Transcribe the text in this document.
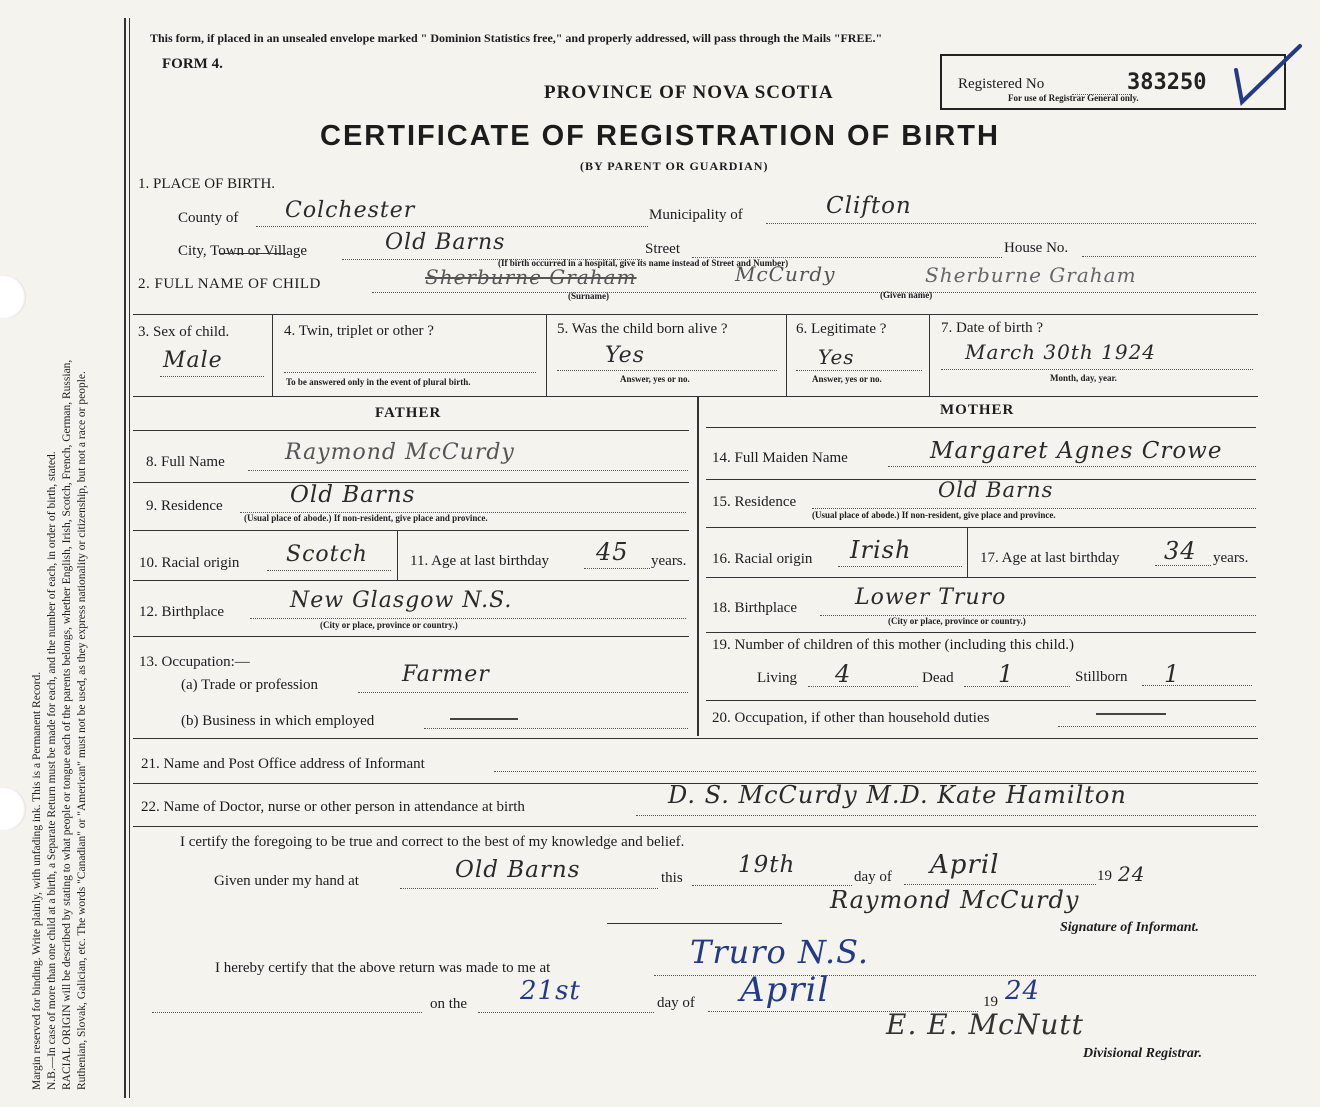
Margin reserved for binding. Write plainly, with unfading ink. This is a Permanent Record. N.B.—In case of more than one child at a birth, a Separate Return must be made for each, and the number of each, in order of birth, stated. RACIAL ORIGIN will be described by stating to what people or tongue each of the parents belongs, whether English, Irish, Scotch, French, German, Russian, Ruthenian, Slovak, Galician, etc. The words "Canadian" or "American" must not be used, as they express nationality or citizenship, but not a race or people.
This form, if placed in an unsealed envelope marked " Dominion Statistics free," and properly addressed, will pass through the Mails "FREE."
FORM 4.
PROVINCE OF NOVA SCOTIA
CERTIFICATE OF REGISTRATION OF BIRTH
(BY PARENT OR GUARDIAN)
Registered No	383250
For use of Registrar General only.
1. PLACE OF BIRTH.
County of Colchester	Municipality of	Clifton
City, Town or Village	Old Barns	Street	House No.
(If birth occurred in a hospital, give its name instead of Street and Number)
2. FULL NAME OF CHILD	Sherburne Graham	McCurdy	Sherburne Graham
(Surname)	(Given name)
3. Sex of child.
Male
4. Twin, triplet or other ?
To be answered only in the event of plural birth.
5. Was the child born alive ?
Yes
Answer, yes or no.
6. Legitimate ?
Yes
Answer, yes or no.
7. Date of birth ?
March 30th 1924
Month, day, year.
FATHER	MOTHER
8. Full Name	Raymond McCurdy
9. Residence	Old Barns
(Usual place of abode.) If non-resident, give place and province.
10. Racial origin Scotch	11. Age at last birthday 45 years.
12. Birthplace	New Glasgow N.S.
(City or place, province or country.)
13. Occupation:—
(a) Trade or profession	Farmer
(b) Business in which employed
14. Full Maiden Name	Margaret Agnes Crowe
15. Residence	Old Barns
(Usual place of abode.) If non-resident, give place and province.
16. Racial origin Irish	17. Age at last birthday 34 years.
18. Birthplace	Lower Truro
(City or place, province or country.)
19. Number of children of this mother (including this child.)
Living 4	Dead 1	Stillborn 1
20. Occupation, if other than household duties
21. Name and Post Office address of Informant
22. Name of Doctor, nurse or other person in attendance at birth	D. S. McCurdy M.D. Kate Hamilton
I certify the foregoing to be true and correct to the best of my knowledge and belief.
Given under my hand at	Old Barns	this 19th	day of April	19 24
Raymond McCurdy
Signature of Informant.
I hereby certify that the above return was made to me at	Truro N.S.
on the 21st	day of April	19 24
E. E. McNutt
Divisional Registrar.
